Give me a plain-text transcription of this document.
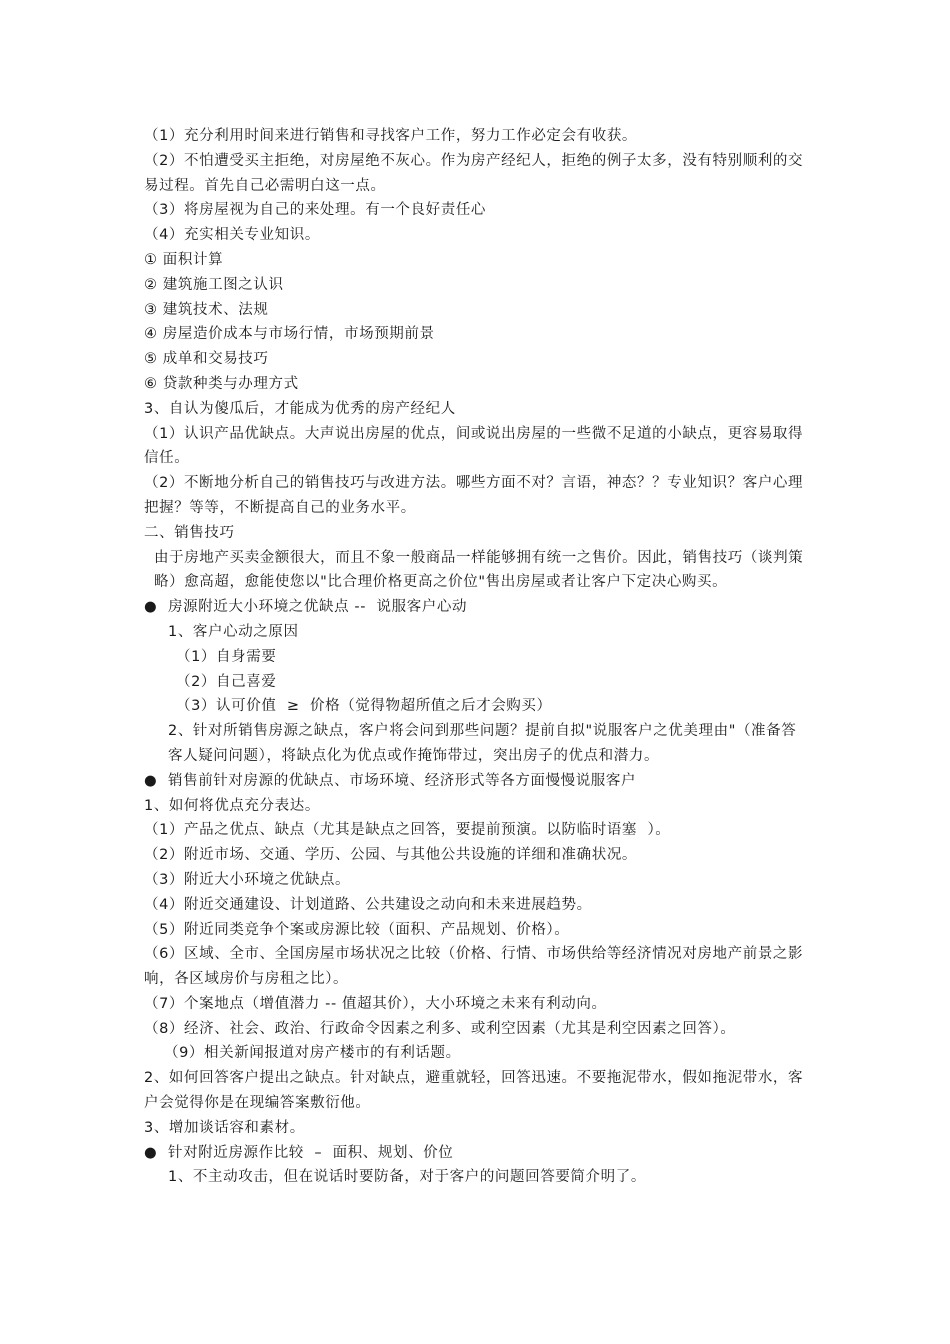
（1）充分利用时间来进行销售和寻找客户工作，努力工作必定会有收获。

（2）不怕遭受买主拒绝，对房屋绝不灰心。作为房产经纪人，拒绝的例子太多，没有特别顺利的交易过程。首先自己必需明白这一点。

（3）将房屋视为自己的来处理。有一个良好责任心

（4）充实相关专业知识。

① 面积计算

② 建筑施工图之认识

③ 建筑技术、法规

④ 房屋造价成本与市场行情，市场预期前景

⑤ 成单和交易技巧

⑥ 贷款种类与办理方式

3、自认为傻瓜后，才能成为优秀的房产经纪人

（1）认识产品优缺点。大声说出房屋的优点，间或说出房屋的一些微不足道的小缺点，更容易取得信任。

（2）不断地分析自己的销售技巧与改进方法。哪些方面不对？言语，神态？？专业知识？客户心理把握？等等，不断提高自己的业务水平。

二、销售技巧

由于房地产买卖金额很大，而且不象一般商品一样能够拥有统一之售价。因此，销售技巧（谈判策略）愈高超，愈能使您以"比合理价格更高之价位"售出房屋或者让客户下定决心购买。

● 房源附近大小环境之优缺点 --  说服客户心动

1、客户心动之原因

（1）自身需要

（2）自己喜爱

（3）认可价值  ≥  价格（觉得物超所值之后才会购买）

2、针对所销售房源之缺点，客户将会问到那些问题？提前自拟"说服客户之优美理由"（准备答客人疑问问题），将缺点化为优点或作掩饰带过，突出房子的优点和潜力。

● 销售前针对房源的优缺点、市场环境、经济形式等各方面慢慢说服客户

1、如何将优点充分表达。

（1）产品之优点、缺点（尤其是缺点之回答，要提前预演。以防临时语塞  ）。

（2）附近市场、交通、学历、公园、与其他公共设施的详细和准确状况。

（3）附近大小环境之优缺点。

（4）附近交通建设、计划道路、公共建设之动向和未来进展趋势。

（5）附近同类竞争个案或房源比较（面积、产品规划、价格）。

（6）区域、全市、全国房屋市场状况之比较（价格、行情、市场供给等经济情况对房地产前景之影响，各区域房价与房租之比）。

（7）个案地点（增值潜力 -- 值超其价），大小环境之未来有利动向。

（8）经济、社会、政治、行政命令因素之利多、或利空因素（尤其是利空因素之回答）。

（9）相关新闻报道对房产楼市的有利话题。

2、如何回答客户提出之缺点。针对缺点，避重就轻，回答迅速。不要拖泥带水，假如拖泥带水，客户会觉得你是在现编答案敷衍他。

3、增加谈话容和素材。

● 针对附近房源作比较  –  面积、规划、价位

1、不主动攻击，但在说话时要防备，对于客户的问题回答要简介明了。
